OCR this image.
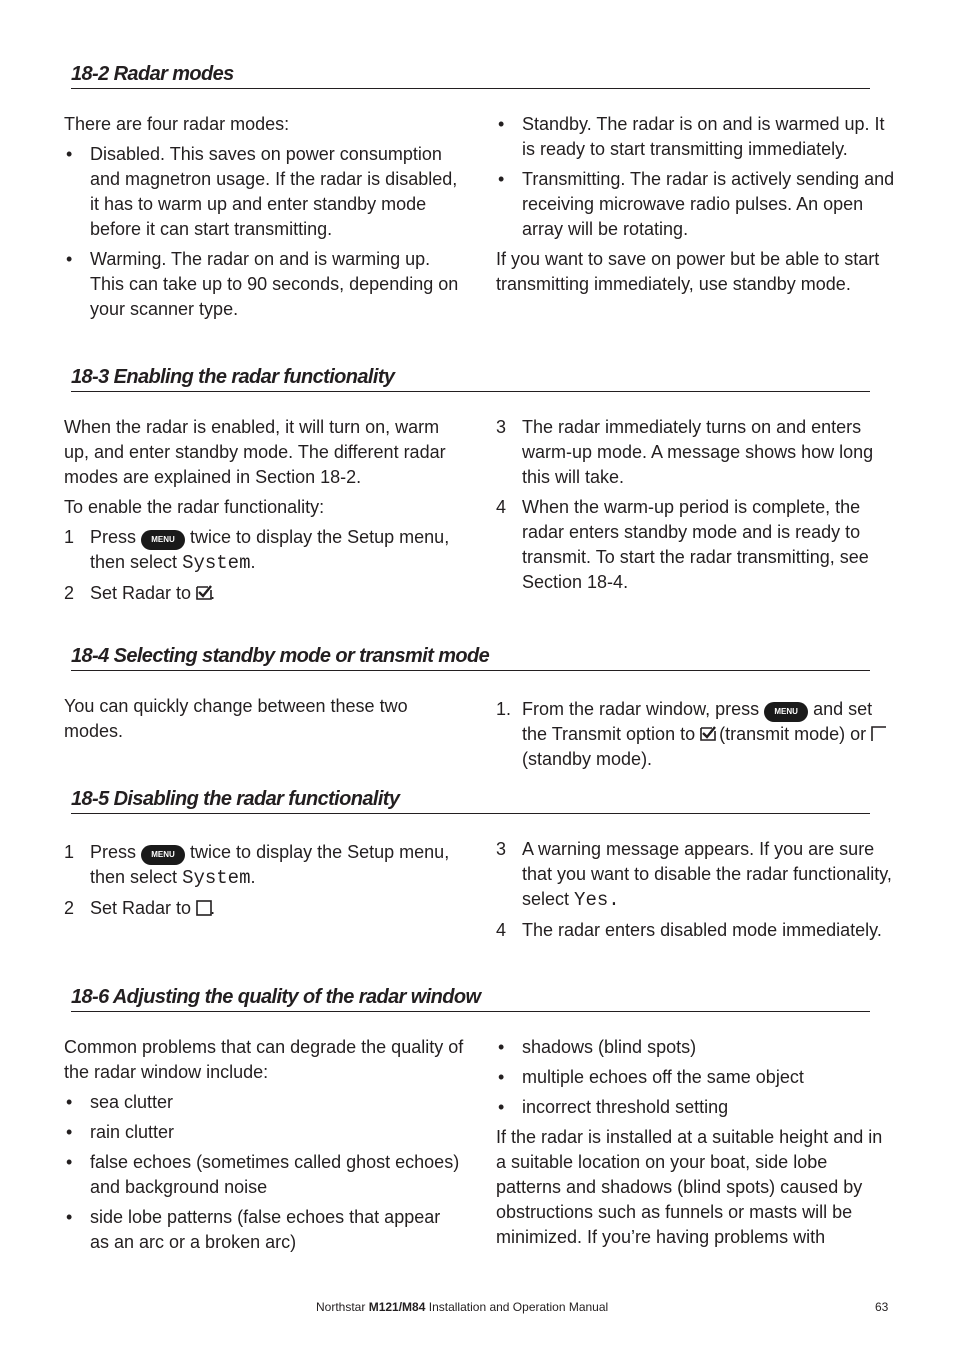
18-2 Radar modes

There are four radar modes:

• Disabled. This saves on power consumption and magnetron usage. If the radar is disabled, it has to warm up and enter standby mode before it can start transmitting.
• Warming. The radar on and is warming up. This can take up to 90 seconds, depending on your scanner type.
• Standby. The radar is on and is warmed up. It is ready to start transmitting immediately.
• Transmitting. The radar is actively sending and receiving microwave radio pulses. An open array will be rotating.

If you want to save on power but be able to start transmitting immediately, use standby mode.

18-3 Enabling the radar functionality

When the radar is enabled, it will turn on, warm up, and enter standby mode. The different radar modes are explained in Section 18-2.

To enable the radar functionality:

1 Press MENU twice to display the Setup menu, then select System.
2 Set Radar to .
3 The radar immediately turns on and enters warm-up mode. A message shows how long this will take.
4 When the warm-up period is complete, the radar enters standby mode and is ready to transmit. To start the radar transmitting, see Section 18-4.
18-4 Selecting standby mode or transmit mode

You can quickly change between these two modes.

1. From the radar window, press MENU and set the Transmit option to (transmit mode) or
(standby mode).
18-5 Disabling the radar functionality
1 Press MENU twice to display the Setup menu, then select System.
2 Set Radar to .
3 A warning message appears. If you are sure that you want to disable the radar functionality, select Yes.
4 The radar enters disabled mode immediately.
18-6 Adjusting the quality of the radar window

Common problems that can degrade the quality of the radar window include:

• sea clutter
• rain clutter
• false echoes (sometimes called ghost echoes) and background noise
• side lobe patterns (false echoes that appear as an arc or a broken arc)
• shadows (blind spots)
• multiple echoes off the same object
• incorrect threshold setting

If the radar is installed at a suitable height and in a suitable location on your boat, side lobe patterns and shadows (blind spots) caused by obstructions such as funnels or masts will be minimized. If you’re having problems with

Northstar M121/M84 Installation and Operation Manual	63
